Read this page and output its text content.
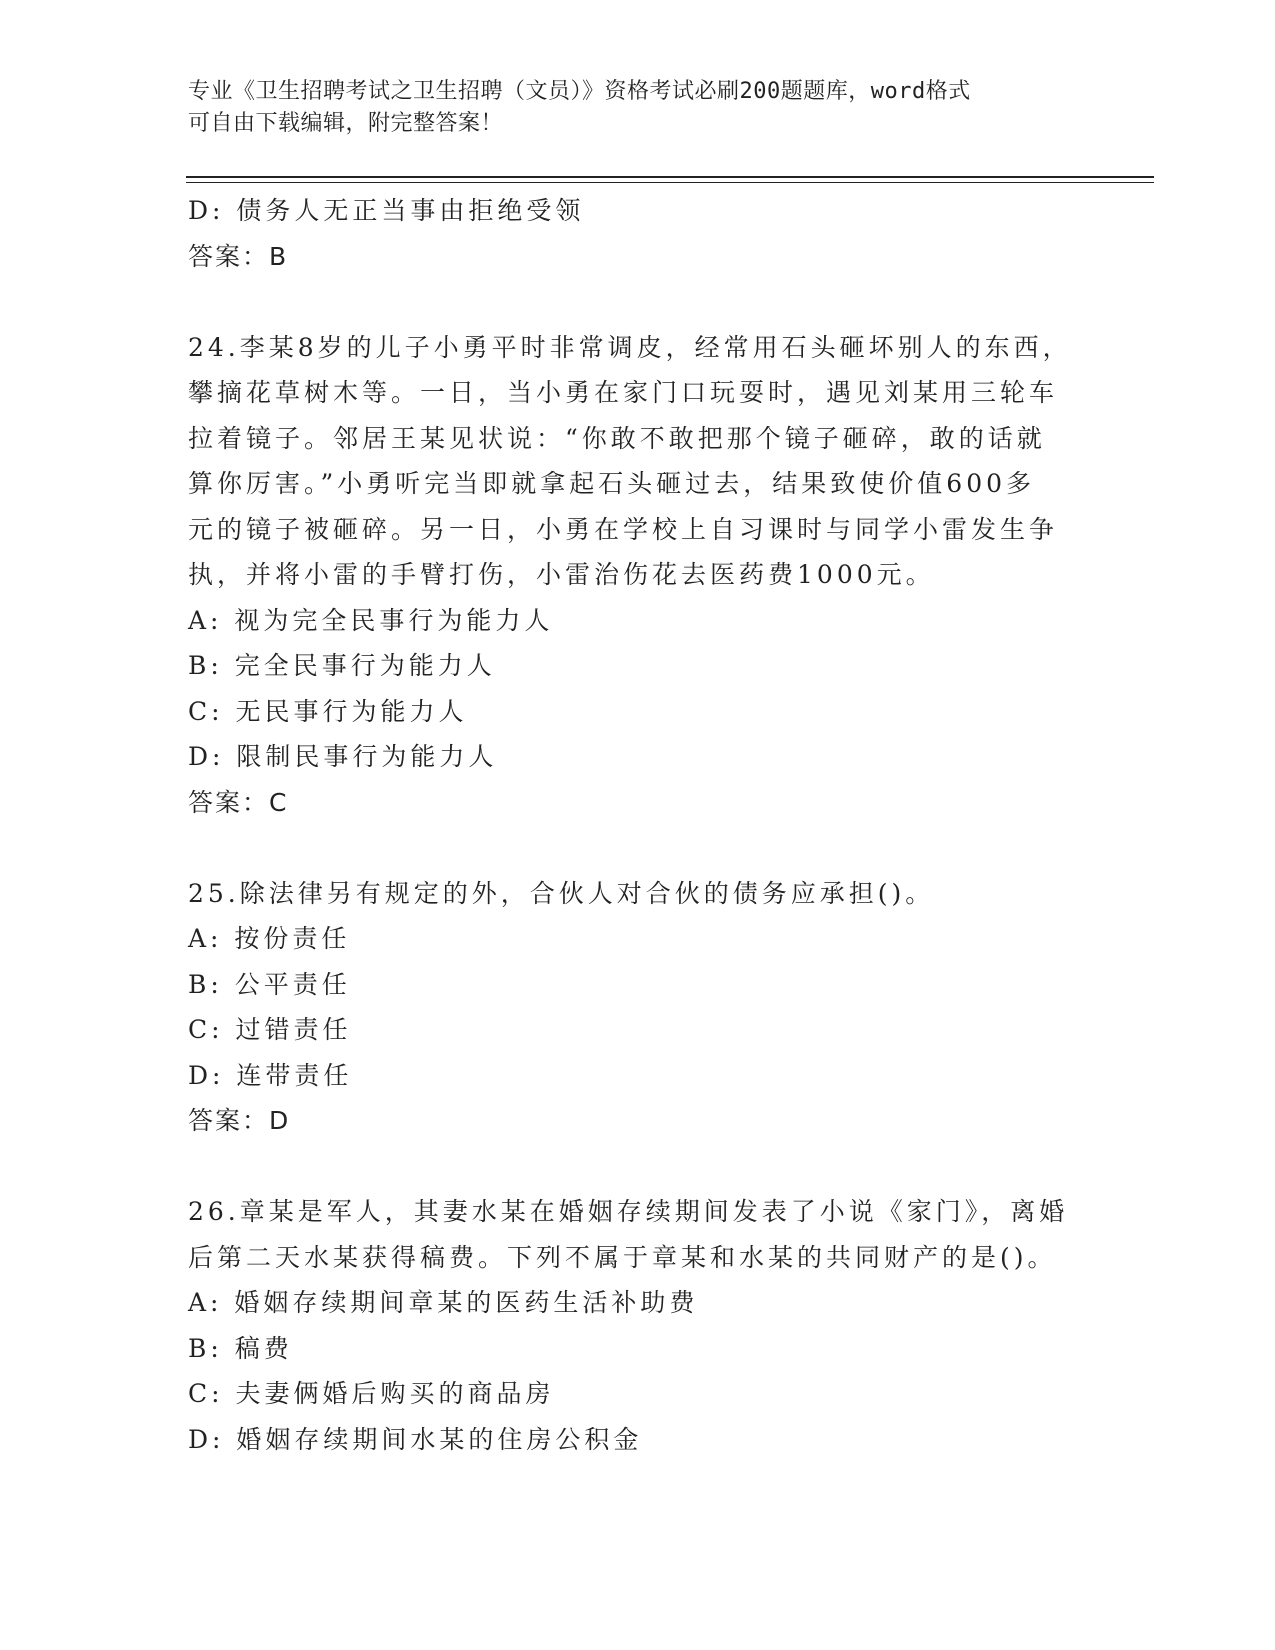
专业《卫生招聘考试之卫生招聘（文员）》资格考试必刷200题题库，word格式
可自由下载编辑，附完整答案！
D: 债务人无正当事由拒绝受领
答案：B
24.李某8岁的儿子小勇平时非常调皮，经常用石头砸坏别人的东西，
攀摘花草树木等。一日，当小勇在家门口玩耍时，遇见刘某用三轮车
拉着镜子。邻居王某见状说：“你敢不敢把那个镜子砸碎，敢的话就
算你厉害。”小勇听完当即就拿起石头砸过去，结果致使价值600多
元的镜子被砸碎。另一日，小勇在学校上自习课时与同学小雷发生争
执，并将小雷的手臂打伤，小雷治伤花去医药费1000元。
A: 视为完全民事行为能力人
B: 完全民事行为能力人
C: 无民事行为能力人
D: 限制民事行为能力人
答案：C
25.除法律另有规定的外，合伙人对合伙的债务应承担()。
A: 按份责任
B: 公平责任
C: 过错责任
D: 连带责任
答案：D
26.章某是军人，其妻水某在婚姻存续期间发表了小说《家门》，离婚
后第二天水某获得稿费。下列不属于章某和水某的共同财产的是()。
A: 婚姻存续期间章某的医药生活补助费
B: 稿费
C: 夫妻俩婚后购买的商品房
D: 婚姻存续期间水某的住房公积金
